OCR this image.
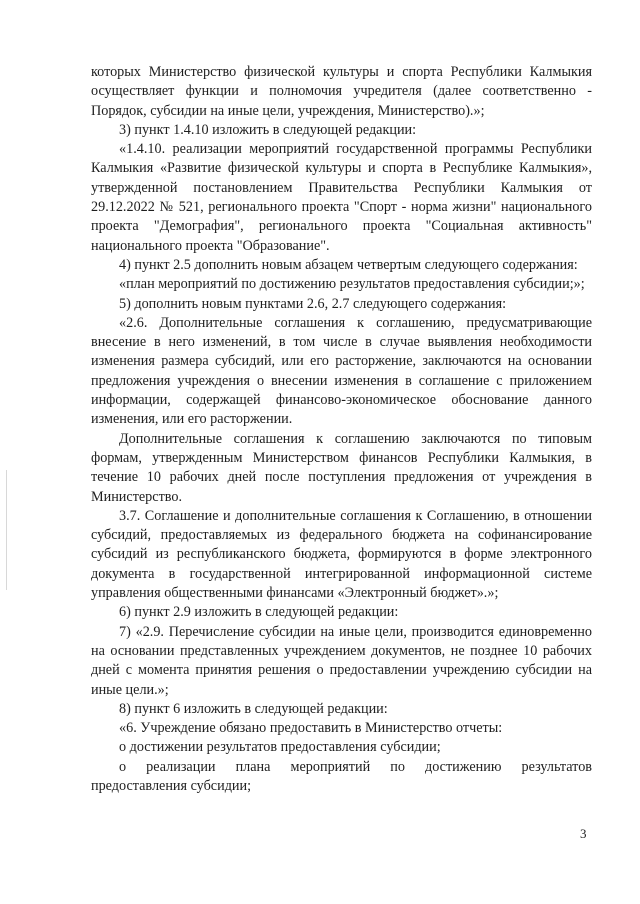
которых Министерство физической культуры и спорта Республики Калмыкия осуществляет функции и полномочия учредителя (далее соответственно - Порядок, субсидии на иные цели, учреждения, Министерство).»;

3) пункт 1.4.10 изложить в следующей редакции:

«1.4.10. реализации мероприятий государственной программы Республики Калмыкия «Развитие физической культуры и спорта в Республике Калмыкия», утвержденной постановлением Правительства Республики Калмыкия от 29.12.2022 № 521, регионального проекта "Спорт - норма жизни" национального проекта "Демография", регионального проекта "Социальная активность" национального проекта "Образование".

4) пункт 2.5 дополнить новым абзацем четвертым следующего содержания:

«план мероприятий по достижению результатов предоставления субсидии;»;

5) дополнить новым пунктами 2.6, 2.7 следующего содержания:

«2.6. Дополнительные соглашения к соглашению, предусматривающие внесение в него изменений, в том числе в случае выявления необходимости изменения размера субсидий, или его расторжение, заключаются на основании предложения учреждения о внесении изменения в соглашение с приложением информации, содержащей финансово-экономическое обоснование данного изменения, или его расторжении.

Дополнительные соглашения к соглашению заключаются по типовым формам, утвержденным Министерством финансов Республики Калмыкия, в течение 10 рабочих дней после поступления предложения от учреждения в Министерство.

3.7. Соглашение и дополнительные соглашения к Соглашению, в отношении субсидий, предоставляемых из федерального бюджета на софинансирование субсидий из республиканского бюджета, формируются в форме электронного документа в государственной интегрированной информационной системе управления общественными финансами «Электронный бюджет».»;

6) пункт 2.9 изложить в следующей редакции:

7) «2.9. Перечисление субсидии на иные цели, производится единовременно на основании представленных учреждением документов, не позднее 10 рабочих дней с момента принятия решения о предоставлении учреждению субсидии на иные цели.»;

8) пункт 6 изложить в следующей редакции:

«6. Учреждение обязано предоставить в Министерство отчеты:

о достижении результатов предоставления субсидии;

о реализации плана мероприятий по достижению результатов предоставления субсидии;

3
